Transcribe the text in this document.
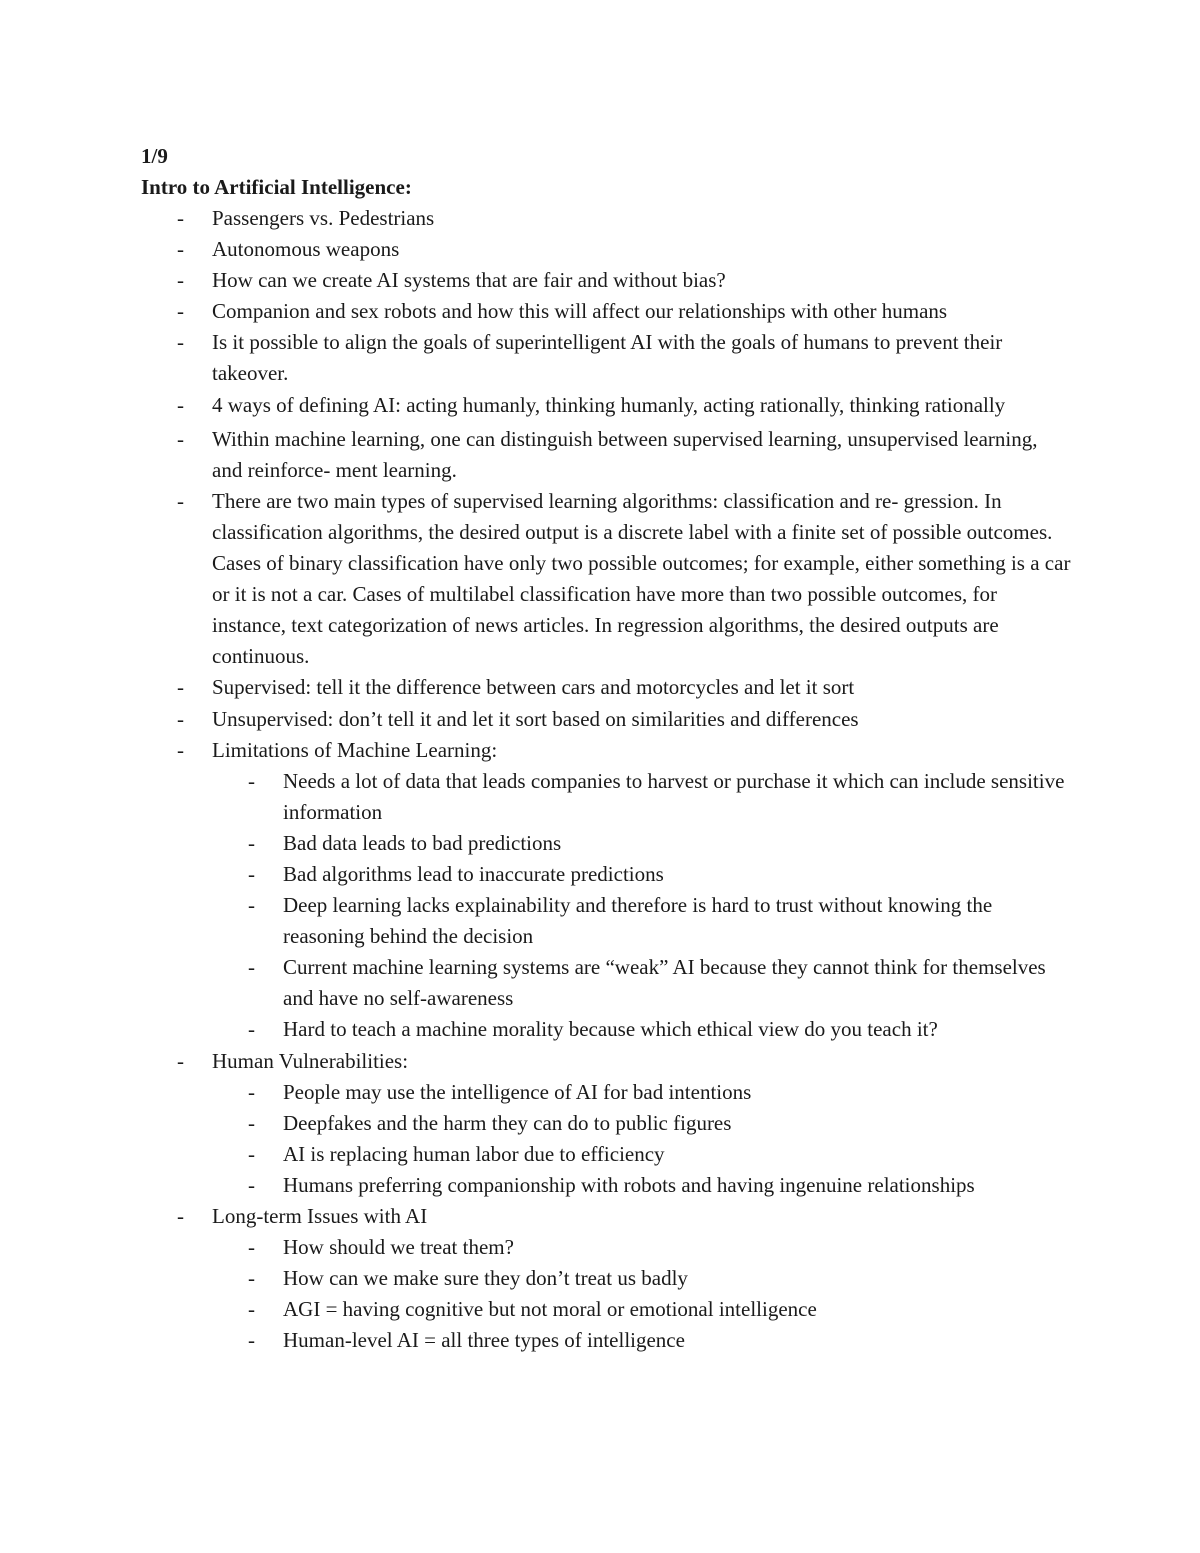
1/9
Intro to Artificial Intelligence:
- Passengers vs. Pedestrians
- Autonomous weapons
- How can we create AI systems that are fair and without bias?
- Companion and sex robots and how this will affect our relationships with other humans
- Is it possible to align the goals of superintelligent AI with the goals of humans to prevent their takeover.
- 4 ways of defining AI: acting humanly, thinking humanly, acting rationally, thinking rationally
- Within machine learning, one can distinguish between supervised learning, unsupervised learning, and reinforce- ment learning.
- There are two main types of supervised learning algorithms: classification and re- gression. In classification algorithms, the desired output is a discrete label with a finite set of possible outcomes. Cases of binary classification have only two possible outcomes; for example, either something is a car or it is not a car. Cases of multilabel classification have more than two possible outcomes, for instance, text categorization of news articles. In regression algorithms, the desired outputs are continuous.
- Supervised: tell it the difference between cars and motorcycles and let it sort
- Unsupervised: don’t tell it and let it sort based on similarities and differences
- Limitations of Machine Learning:
- Needs a lot of data that leads companies to harvest or purchase it which can include sensitive information
- Bad data leads to bad predictions
- Bad algorithms lead to inaccurate predictions
- Deep learning lacks explainability and therefore is hard to trust without knowing the reasoning behind the decision
- Current machine learning systems are “weak” AI because they cannot think for themselves and have no self-awareness
- Hard to teach a machine morality because which ethical view do you teach it?
- Human Vulnerabilities:
- People may use the intelligence of AI for bad intentions
- Deepfakes and the harm they can do to public figures
- AI is replacing human labor due to efficiency
- Humans preferring companionship with robots and having ingenuine relationships
- Long-term Issues with AI
- How should we treat them?
- How can we make sure they don’t treat us badly
- AGI = having cognitive but not moral or emotional intelligence
- Human-level AI = all three types of intelligence
